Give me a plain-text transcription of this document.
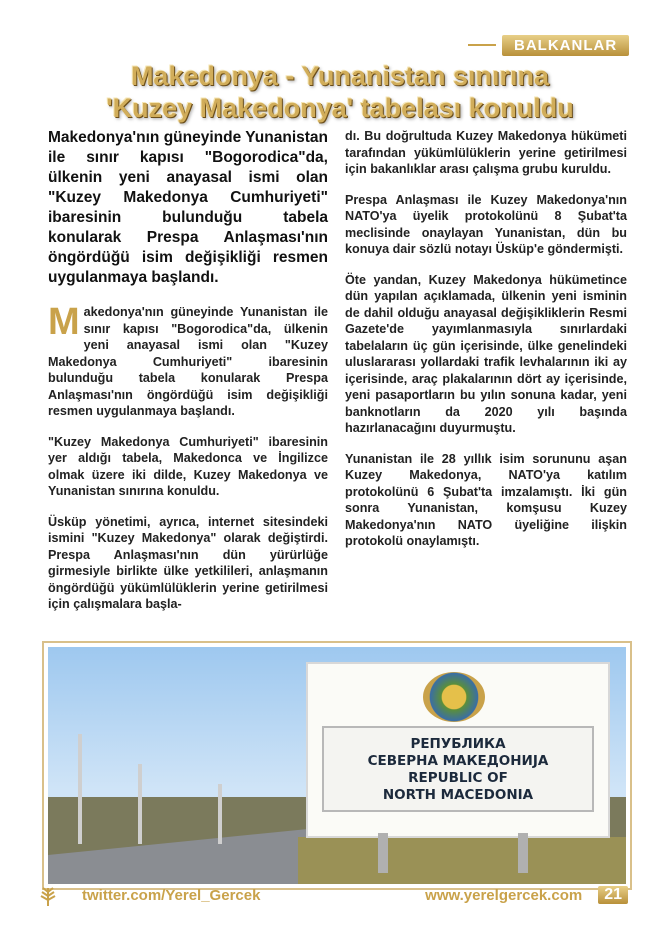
BALKANLAR
Makedonya - Yunanistan sınırına
'Kuzey Makedonya' tabelası konuldu

Makedonya'nın güneyinde Yunanistan ile sınır kapısı "Bogorodica"da, ülkenin yeni anayasal ismi olan "Kuzey Makedonya Cumhuriyeti" ibaresinin bulunduğu tabela konularak Prespa Anlaşması'nın öngördüğü isim değişikliği resmen uygulanmaya başlandı.

Makedonya'nın güneyinde Yunanistan ile sınır kapısı "Bogorodica"da, ülkenin yeni anayasal ismi olan "Kuzey Makedonya Cumhuriyeti" ibaresinin bulunduğu tabela konularak Prespa Anlaşması'nın öngördüğü isim değişikliği resmen uygulanmaya başlandı.

"Kuzey Makedonya Cumhuriyeti" ibaresinin yer aldığı tabela, Makedonca ve İngilizce olmak üzere iki dilde, Kuzey Makedonya ve Yunanistan sınırına konuldu.

Üsküp yönetimi, ayrıca, internet sitesindeki ismini "Kuzey Makedonya" olarak değiştirdi. Prespa Anlaşması'nın dün yürürlüğe girmesiyle birlikte ülke yetkilileri, anlaşmanın öngördüğü yükümlülüklerin yerine getirilmesi için çalışmalara başla-

dı. Bu doğrultuda Kuzey Makedonya hükümeti tarafından yükümlülüklerin yerine getirilmesi için bakanlıklar arası çalışma grubu kuruldu.

Prespa Anlaşması ile Kuzey Makedonya'nın NATO'ya üyelik protokolünü 8 Şubat'ta meclisinde onaylayan Yunanistan, dün bu konuya dair sözlü notayı Üsküp'e göndermişti.

Öte yandan, Kuzey Makedonya hükümetince dün yapılan açıklamada, ülkenin yeni isminin de dahil olduğu anayasal değişikliklerin Resmi Gazete'de yayımlanmasıyla sınırlardaki tabelaların üç gün içerisinde, ülke genelindeki uluslararası yollardaki trafik levhalarının iki ay içerisinde, araç plakalarının dört ay içerisinde, yeni pasaportların bu yılın sonuna kadar, yeni banknotların da 2020 yılı başında hazırlanacağını duyurmuştu.

Yunanistan ile 28 yıllık isim sorununu aşan Kuzey Makedonya, NATO'ya katılım protokolünü 6 Şubat'ta imzalamıştı. İki gün sonra Yunanistan, komşusu Kuzey Makedonya'nın NATO üyeliğine ilişkin protokolü onaylamıştı.

РЕПУБЛИКА
СЕВЕРНА МАКЕДОНИЈА
REPUBLIC OF
NORTH MACEDONIA
twitter.com/Yerel_Gercek	www.yerelgercek.com	21
